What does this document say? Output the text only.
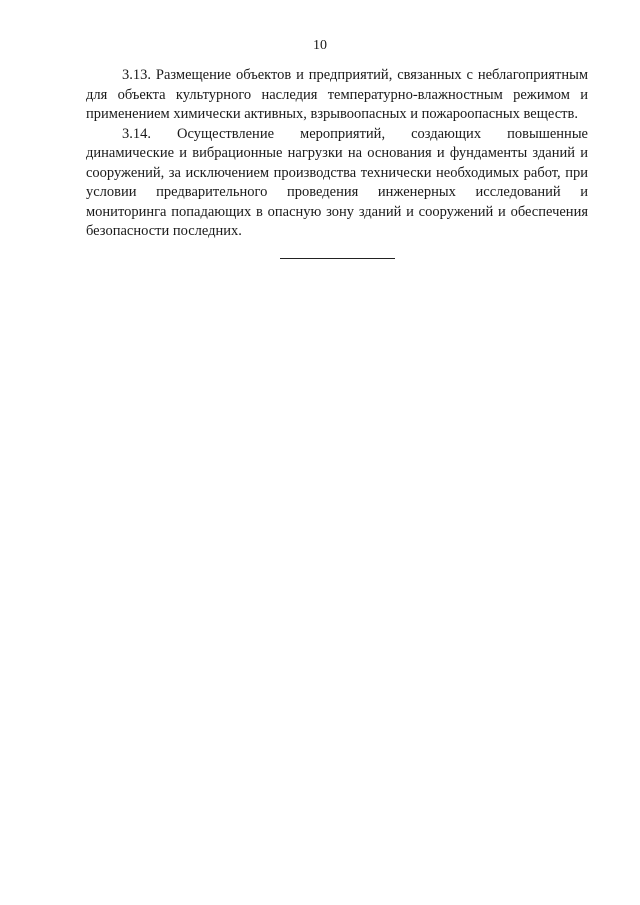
10

3.13. Размещение объектов и предприятий, связанных с неблагоприятным для объекта культурного наследия температурно-влажностным режимом и применением химически активных, взрывоопасных и пожароопасных веществ.

3.14. Осуществление мероприятий, создающих повышенные динамические и вибрационные нагрузки на основания и фундаменты зданий и сооружений, за исключением производства технически необходимых работ, при условии предварительного проведения инженерных исследований и мониторинга попадающих в опасную зону зданий и сооружений и обеспечения безопасности последних.
